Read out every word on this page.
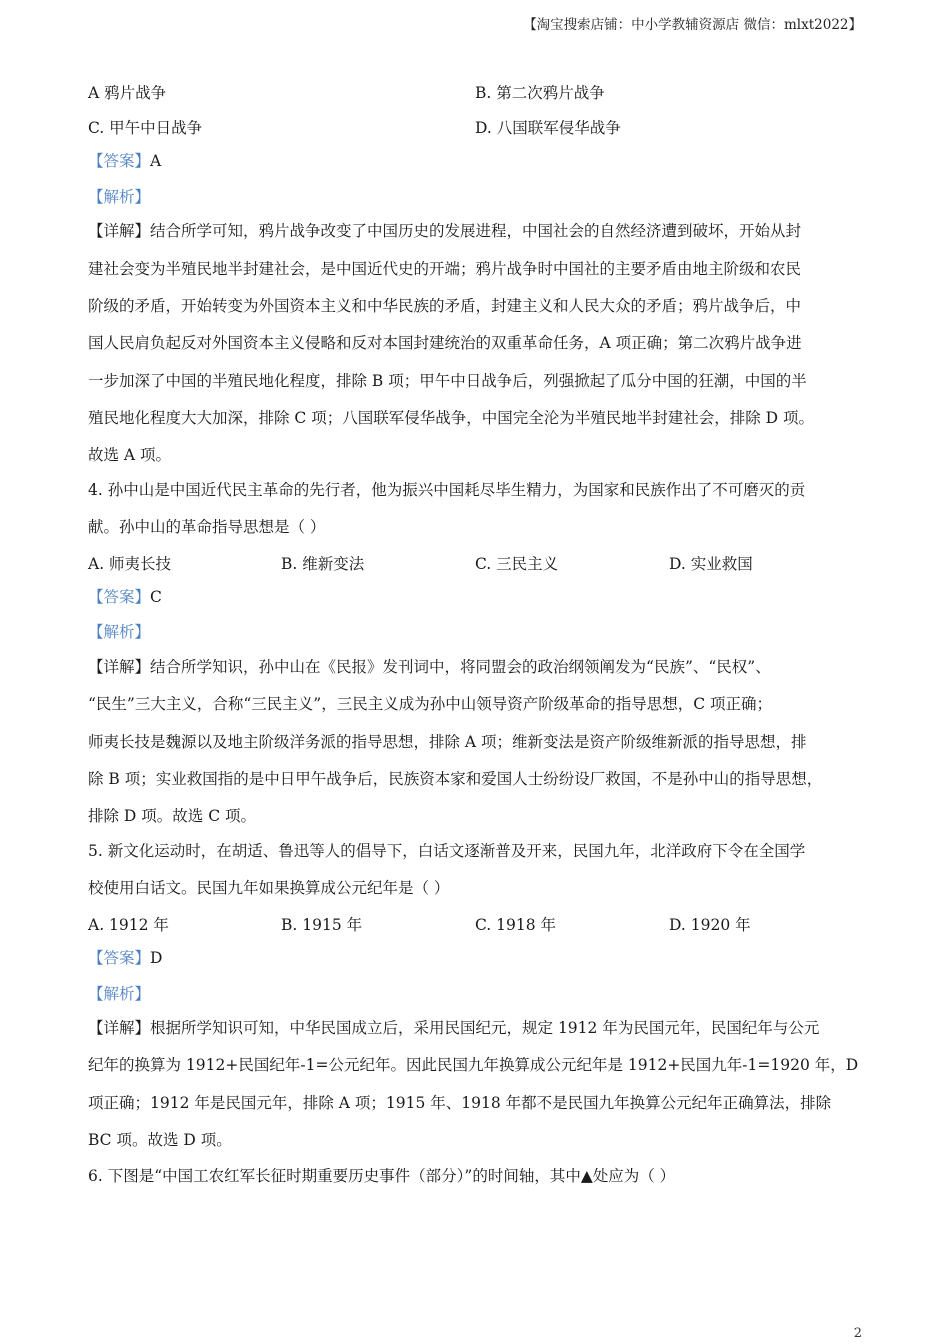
【淘宝搜索店铺：中小学教辅资源店 微信：mlxt2022】
A 鸦片战争	B. 第二次鸦片战争
C. 甲午中日战争	D. 八国联军侵华战争
【答案】A
【解析】
【详解】结合所学可知，鸦片战争改变了中国历史的发展进程，中国社会的自然经济遭到破坏，开始从封
建社会变为半殖民地半封建社会，是中国近代史的开端；鸦片战争时中国社的主要矛盾由地主阶级和农民
阶级的矛盾，开始转变为外国资本主义和中华民族的矛盾，封建主义和人民大众的矛盾；鸦片战争后，中
国人民肩负起反对外国资本主义侵略和反对本国封建统治的双重革命任务，A 项正确；第二次鸦片战争进
一步加深了中国的半殖民地化程度，排除 B 项；甲午中日战争后，列强掀起了瓜分中国的狂潮，中国的半
殖民地化程度大大加深，排除 C 项；八国联军侵华战争，中国完全沦为半殖民地半封建社会，排除 D 项。
故选 A 项。
4. 孙中山是中国近代民主革命的先行者，他为振兴中国耗尽毕生精力，为国家和民族作出了不可磨灭的贡
献。孙中山的革命指导思想是（ ）
A. 师夷长技	B. 维新变法	C. 三民主义	D. 实业救国
【答案】C
【解析】
【详解】结合所学知识，孙中山在《民报》发刊词中，将同盟会的政治纲领阐发为“民族”、“民权”、
“民生”三大主义，合称“三民主义”，三民主义成为孙中山领导资产阶级革命的指导思想，C 项正确；
师夷长技是魏源以及地主阶级洋务派的指导思想，排除 A 项；维新变法是资产阶级维新派的指导思想，排
除 B 项；实业救国指的是中日甲午战争后，民族资本家和爱国人士纷纷设厂救国，不是孙中山的指导思想，
排除 D 项。故选 C 项。
5. 新文化运动时，在胡适、鲁迅等人的倡导下，白话文逐渐普及开来，民国九年，北洋政府下令在全国学
校使用白话文。民国九年如果换算成公元纪年是（ ）
A. 1912 年	B. 1915 年	C. 1918 年	D. 1920 年
【答案】D
【解析】
【详解】根据所学知识可知，中华民国成立后，采用民国纪元，规定 1912 年为民国元年，民国纪年与公元
纪年的换算为 1912+民国纪年-1=公元纪年。因此民国九年换算成公元纪年是 1912+民国九年-1=1920 年，D
项正确；1912 年是民国元年，排除 A 项；1915 年、1918 年都不是民国九年换算公元纪年正确算法，排除
BC 项。故选 D 项。
6. 下图是“中国工农红军长征时期重要历史事件（部分）”的时间轴，其中▲处应为（ ）
2
